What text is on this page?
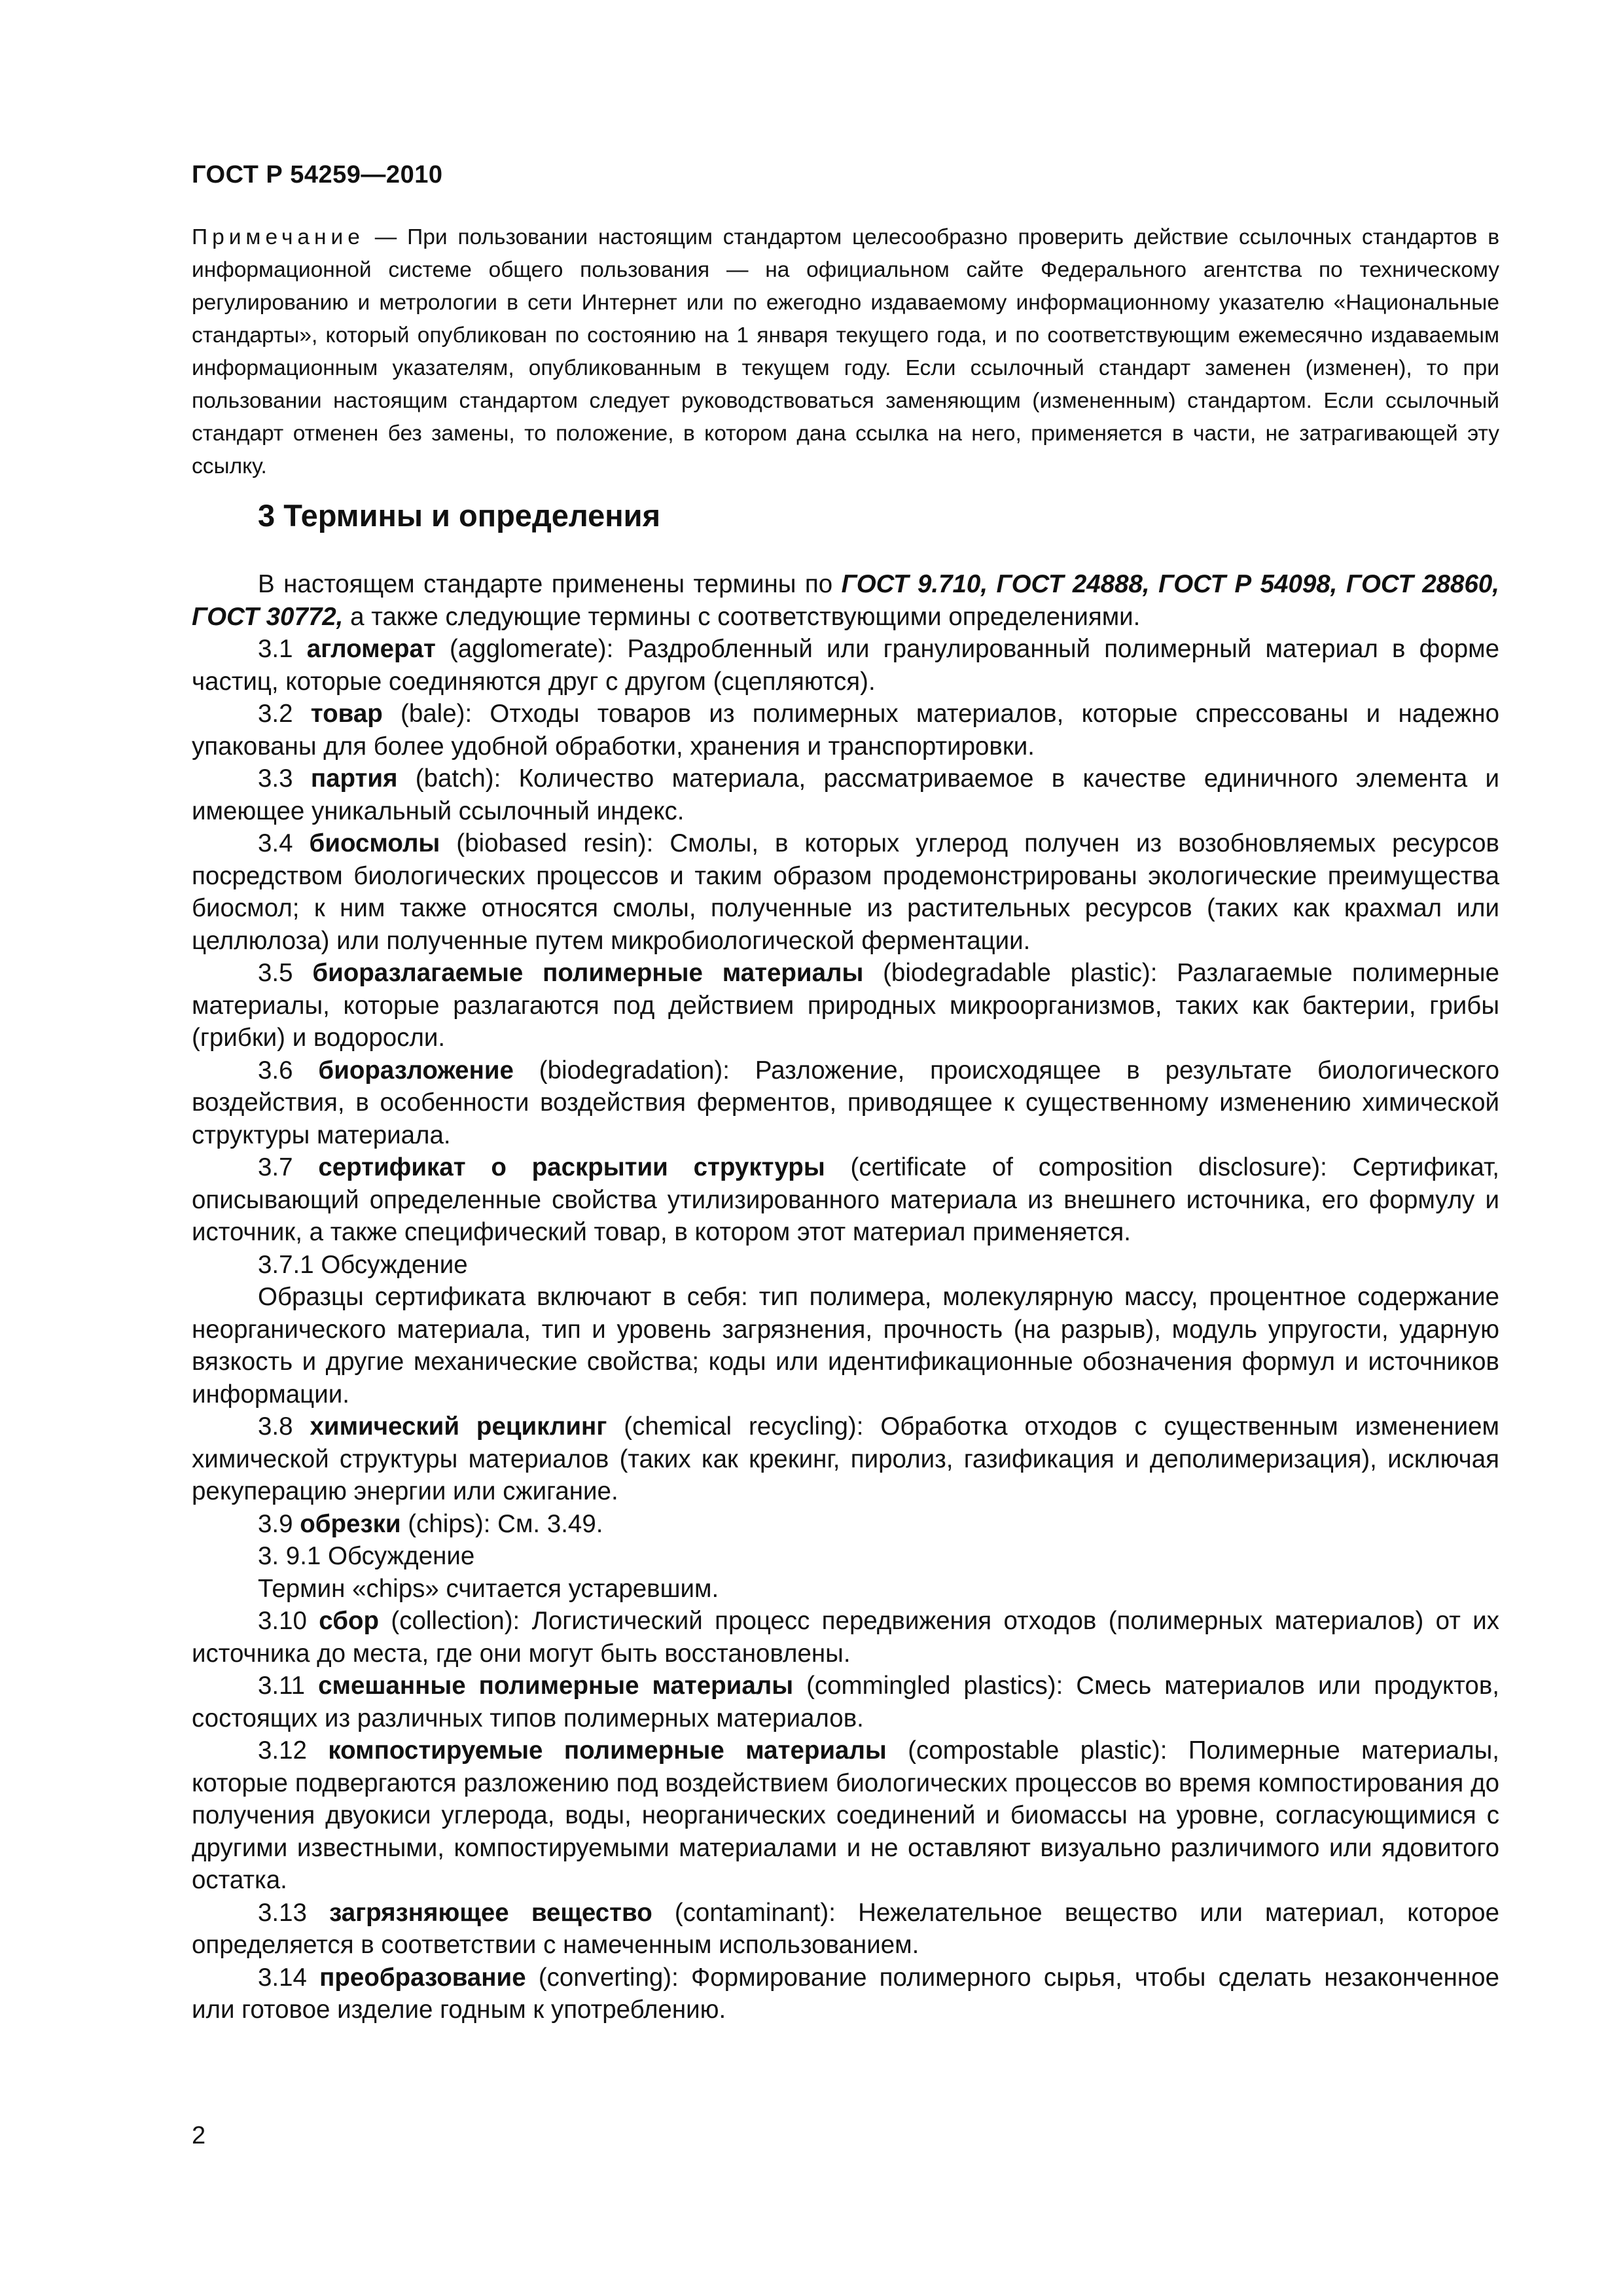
ГОСТ Р 54259—2010
Примечание — При пользовании настоящим стандартом целесообразно проверить действие ссылочных стандартов в информационной системе общего пользования — на официальном сайте Федерального агентства по техническому регулированию и метрологии в сети Интернет или по ежегодно издаваемому информационному указателю «Национальные стандарты», который опубликован по состоянию на 1 января текущего года, и по соответствующим ежемесячно издаваемым информационным указателям, опубликованным в текущем году. Если ссылочный стандарт заменен (изменен), то при пользовании настоящим стандартом следует руководствоваться заменяющим (измененным) стандартом. Если ссылочный стандарт отменен без замены, то положение, в котором дана ссылка на него, применяется в части, не затрагивающей эту ссылку.
3 Термины и определения

В настоящем стандарте применены термины по ГОСТ 9.710, ГОСТ 24888, ГОСТ Р 54098, ГОСТ 28860, ГОСТ 30772, а также следующие термины с соответствующими определениями.

3.1 агломерат (agglomerate): Раздробленный или гранулированный полимерный материал в форме частиц, которые соединяются друг с другом (сцепляются).

3.2 товар (bale): Отходы товаров из полимерных материалов, которые спрессованы и надежно упакованы для более удобной обработки, хранения и транспортировки.

3.3 партия (batch): Количество материала, рассматриваемое в качестве единичного элемента и имеющее уникальный ссылочный индекс.

3.4 биосмолы (biobased resin): Смолы, в которых углерод получен из возобновляемых ресурсов посредством биологических процессов и таким образом продемонстрированы экологические преимущества биосмол; к ним также относятся смолы, полученные из растительных ресурсов (таких как крахмал или целлюлоза) или полученные путем микробиологической ферментации.

3.5 биоразлагаемые полимерные материалы (biodegradable plastic): Разлагаемые полимерные материалы, которые разлагаются под действием природных микроорганизмов, таких как бактерии, грибы (грибки) и водоросли.

3.6 биоразложение (biodegradation): Разложение, происходящее в результате биологического воздействия, в особенности воздействия ферментов, приводящее к существенному изменению химической структуры материала.

3.7 сертификат о раскрытии структуры (certificate of composition disclosure): Сертификат, описывающий определенные свойства утилизированного материала из внешнего источника, его формулу и источник, а также специфический товар, в котором этот материал применяется.

3.7.1 Обсуждение

Образцы сертификата включают в себя: тип полимера, молекулярную массу, процентное содержание неорганического материала, тип и уровень загрязнения, прочность (на разрыв), модуль упругости, ударную вязкость и другие механические свойства; коды или идентификационные обозначения формул и источников информации.

3.8 химический рециклинг (chemical recycling): Обработка отходов с существенным изменением химической структуры материалов (таких как крекинг, пиролиз, газификация и деполимеризация), исключая рекуперацию энергии или сжигание.

3.9 обрезки (chips): См. 3.49.

3. 9.1 Обсуждение

Термин «chips» считается устаревшим.

3.10 сбор (collection): Логистический процесс передвижения отходов (полимерных материалов) от их источника до места, где они могут быть восстановлены.

3.11 смешанные полимерные материалы (commingled plastics): Смесь материалов или продуктов, состоящих из различных типов полимерных материалов.

3.12 компостируемые полимерные материалы (compostable plastic): Полимерные материалы, которые подвергаются разложению под воздействием биологических процессов во время компостирования до получения двуокиси углерода, воды, неорганических соединений и биомассы на уровне, согласующимися с другими известными, компостируемыми материалами и не оставляют визуально различимого или ядовитого остатка.

3.13 загрязняющее вещество (contaminant): Нежелательное вещество или материал, которое определяется в соответствии с намеченным использованием.

3.14 преобразование (converting): Формирование полимерного сырья, чтобы сделать незаконченное или готовое изделие годным к употреблению.

2
